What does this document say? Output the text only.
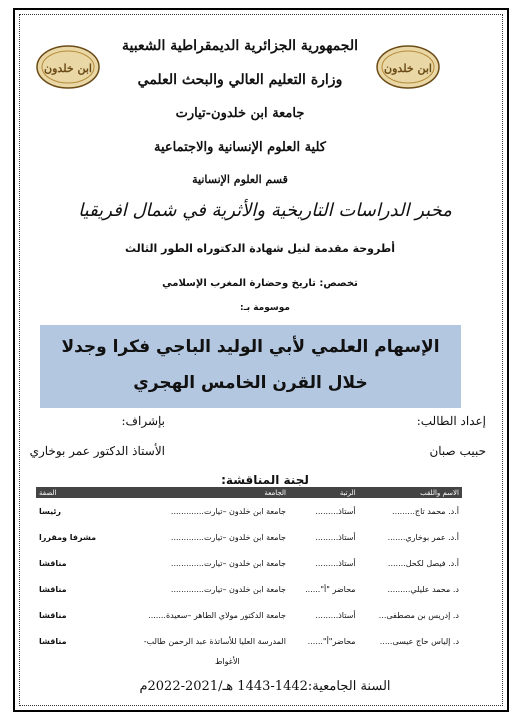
ابن خلدون	ابن خلدون
الجمهورية الجزائرية الديمقراطية الشعبية
وزارة التعليم العالي والبحث العلمي
جامعة ابن خلدون-تيارت
كلية العلوم الإنسانية والاجتماعية
قسم العلوم الإنسانية
مخبر الدراسات التاريخية والأثرية في شمال افريقيا
أطروحة مقدمة لنيل شهادة الدكتوراه الطور الثالث
تخصص: تاريخ وحضارة المغرب الإسلامي
موسومة بـ:
الإسهام العلمي لأبي الوليد الباجي فكرا وجدلا
خلال القرن الخامس الهجري
إعداد الطالب:
بإشراف:
حبيب صبان
الأستاذ الدكتور عمر بوخاري
لجنة المناقشة:
الاسم واللقب	الرتبة	الجامعة	الصفة
أ.د. محمد تاج.........	أستاذ.........	جامعة ابن خلدون –تيارت.............	رئيسا
أ.د. عمر بوخاري.......	أستاذ.........	جامعة ابن خلدون –تيارت.............	مشرفا ومقررا
أ.د. فيصل لكحل.......	أستاذ.........	جامعة ابن خلدون –تيارت.............	مناقشا
د. محمد عليلي.........	محاضر "أ"......	جامعة ابن خلدون –تيارت.............	مناقشا
د. إدريس بن مصطفى...	أستاذ.........	جامعة الدكتور مولاي الطاهر –سعيدة.......	مناقشا
د. إلياس حاج عيسى.....	محاضر"أ"......	المدرسة العليا للأساتذة عبد الرحمن طالب-	مناقشا
الأغواط
السنة الجامعية:1442-1443 هـ/2021-2022م
